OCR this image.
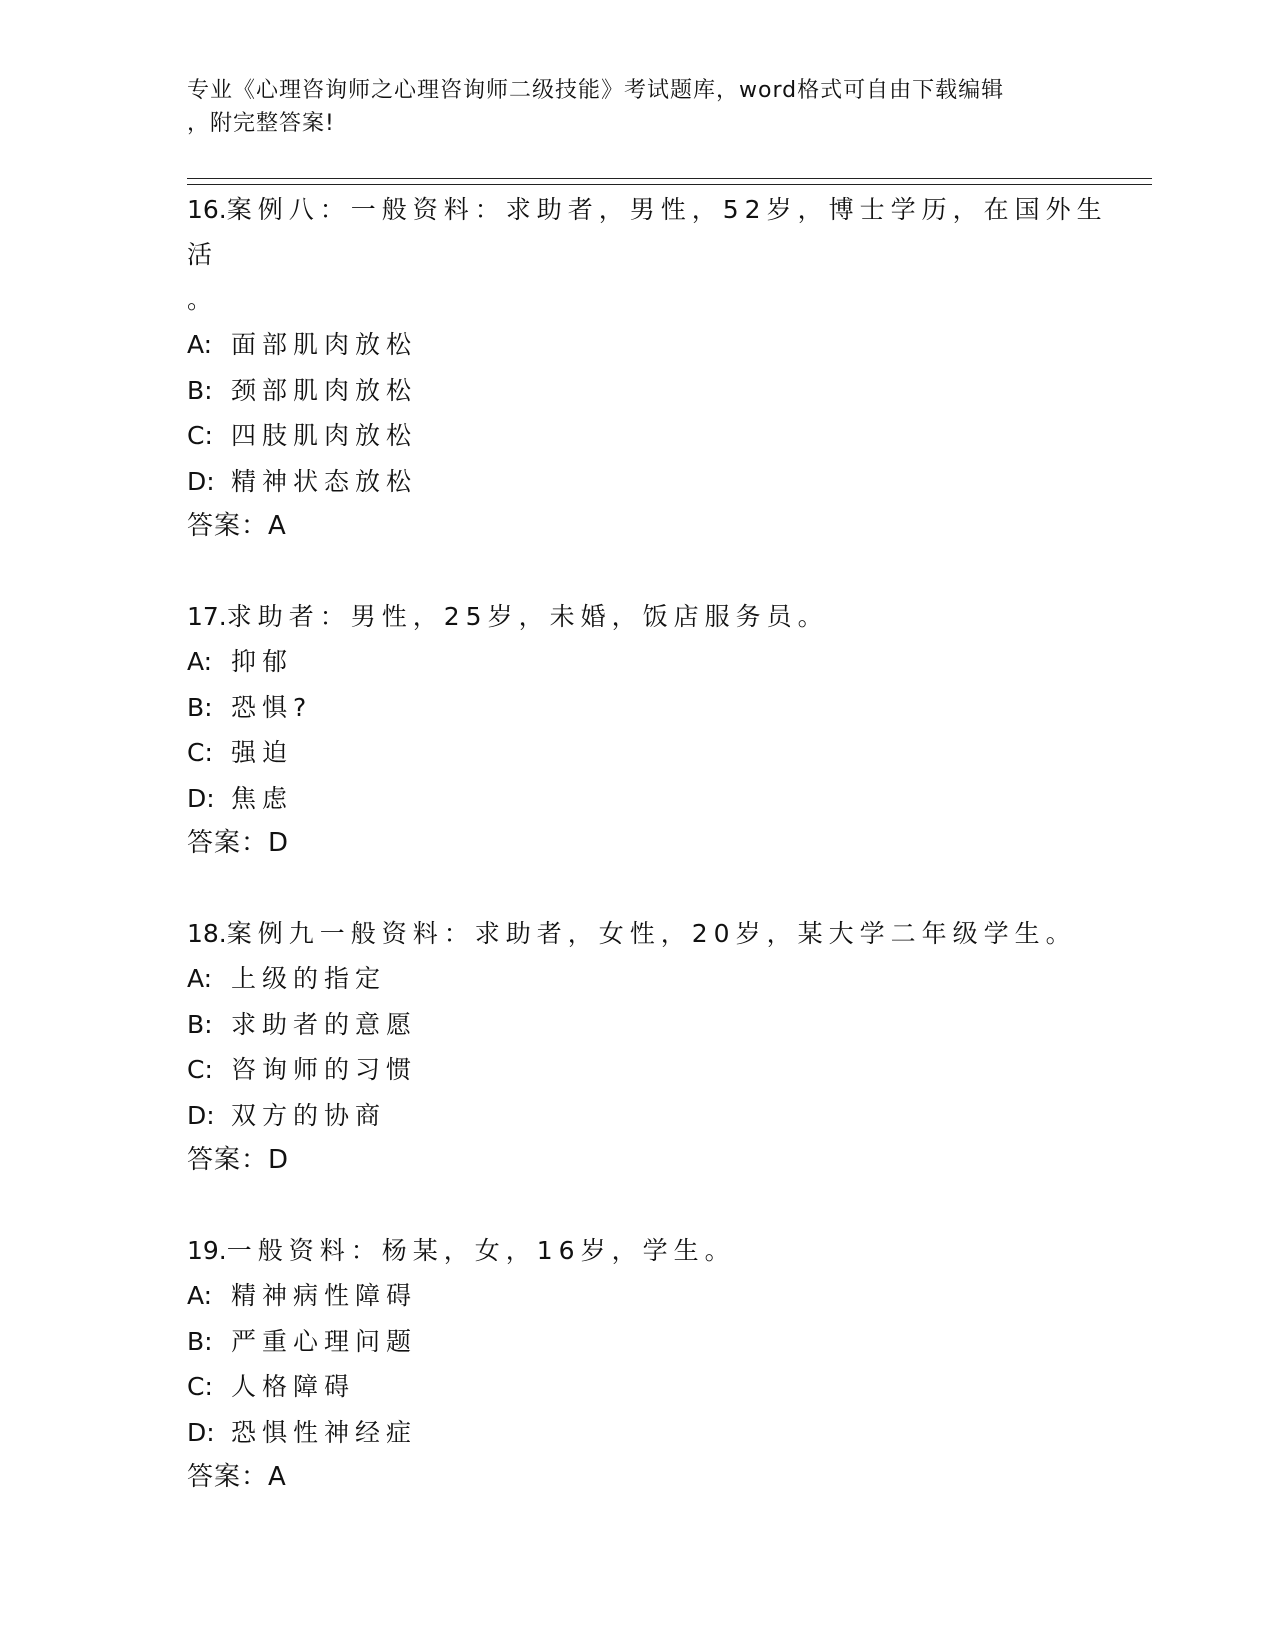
专业《心理咨询师之心理咨询师二级技能》考试题库，word格式可自由下载编辑
，附完整答案!
16.案例八：一般资料：求助者，男性，52岁，博士学历，在国外生活
。
A: 面部肌肉放松
B: 颈部肌肉放松
C: 四肢肌肉放松
D: 精神状态放松
答案：A
17.求助者：男性，25岁，未婚，饭店服务员。
A: 抑郁
B: 恐惧?
C: 强迫
D: 焦虑
答案：D
18.案例九一般资料：求助者，女性，20岁，某大学二年级学生。
A: 上级的指定
B: 求助者的意愿
C: 咨询师的习惯
D: 双方的协商
答案：D
19.一般资料：杨某，女，16岁，学生。
A: 精神病性障碍
B: 严重心理问题
C: 人格障碍
D: 恐惧性神经症
答案：A
